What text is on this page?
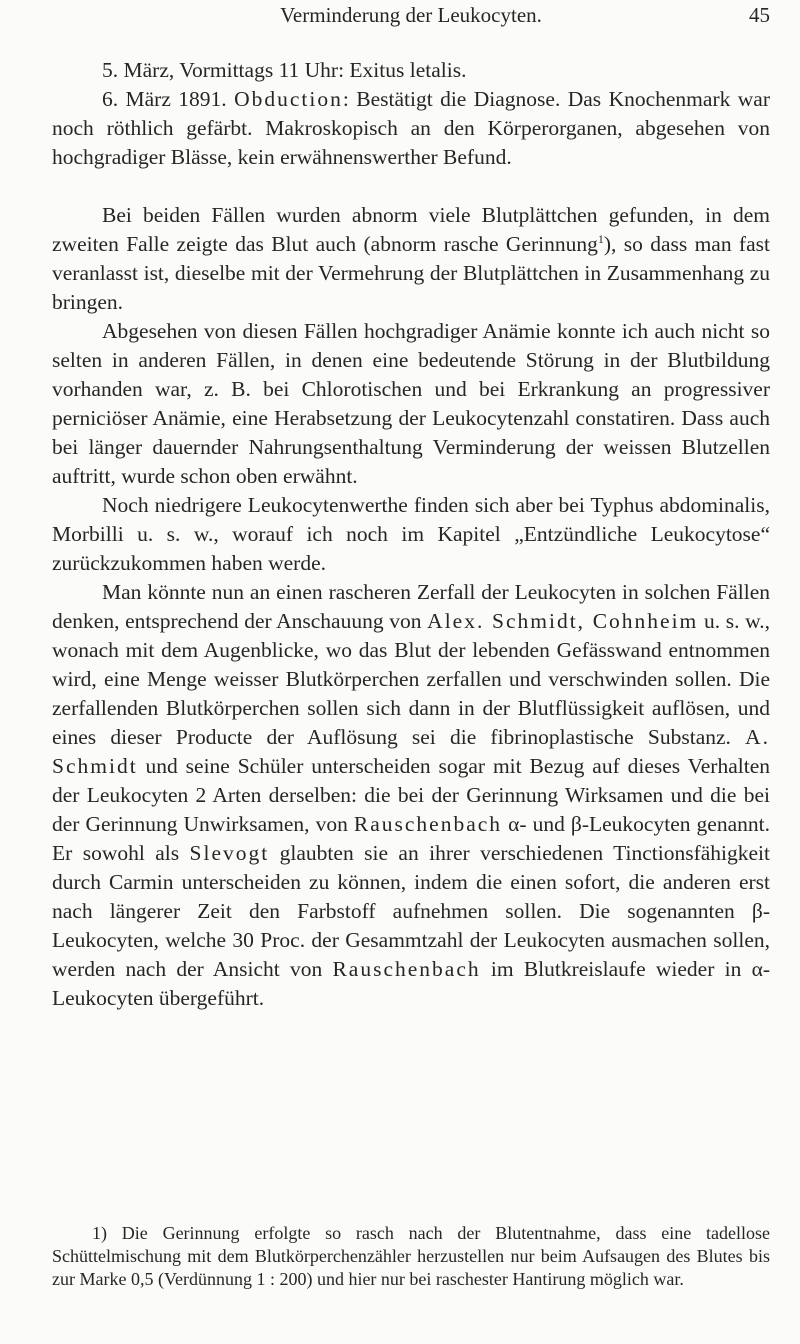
Verminderung der Leukocyten.	45

5. März, Vormittags 11 Uhr: Exitus letalis.

6. März 1891. Obduction: Bestätigt die Diagnose. Das Knochenmark war noch röthlich gefärbt. Makroskopisch an den Körperorganen, abgesehen von hochgradiger Blässe, kein erwähnenswerther Befund.

Bei beiden Fällen wurden abnorm viele Blutplättchen gefunden, in dem zweiten Falle zeigte das Blut auch (abnorm rasche Gerinnung$^1$), so dass man fast veranlasst ist, dieselbe mit der Vermehrung der Blutplättchen in Zusammenhang zu bringen.

Abgesehen von diesen Fällen hochgradiger Anämie konnte ich auch nicht so selten in anderen Fällen, in denen eine bedeutende Störung in der Blutbildung vorhanden war, z. B. bei Chlorotischen und bei Erkrankung an progressiver perniciöser Anämie, eine Herabsetzung der Leukocytenzahl constatiren. Dass auch bei länger dauernder Nahrungsenthaltung Verminderung der weissen Blutzellen auftritt, wurde schon oben erwähnt.

Noch niedrigere Leukocytenwerthe finden sich aber bei Typhus abdominalis, Morbilli u. s. w., worauf ich noch im Kapitel „Entzündliche Leukocytose“ zurückzukommen haben werde.

Man könnte nun an einen rascheren Zerfall der Leukocyten in solchen Fällen denken, entsprechend der Anschauung von Alex. Schmidt, Cohnheim u. s. w., wonach mit dem Augenblicke, wo das Blut der lebenden Gefässwand entnommen wird, eine Menge weisser Blutkörperchen zerfallen und verschwinden sollen. Die zerfallenden Blutkörperchen sollen sich dann in der Blutflüssigkeit auflösen, und eines dieser Producte der Auflösung sei die fibrinoplastische Substanz. A. Schmidt und seine Schüler unterscheiden sogar mit Bezug auf dieses Verhalten der Leukocyten 2 Arten derselben: die bei der Gerinnung Wirksamen und die bei der Gerinnung Unwirksamen, von Rauschenbach α- und β-Leukocyten genannt. Er sowohl als Slevogt glaubten sie an ihrer verschiedenen Tinctionsfähigkeit durch Carmin unterscheiden zu können, indem die einen sofort, die anderen erst nach längerer Zeit den Farbstoff aufnehmen sollen. Die sogenannten β-Leukocyten, welche 30 Proc. der Gesammtzahl der Leukocyten ausmachen sollen, werden nach der Ansicht von Rauschenbach im Blutkreislaufe wieder in α-Leukocyten übergeführt.

1) Die Gerinnung erfolgte so rasch nach der Blutentnahme, dass eine tadellose Schüttelmischung mit dem Blutkörperchenzähler herzustellen nur beim Aufsaugen des Blutes bis zur Marke 0,5 (Verdünnung 1 : 200) und hier nur bei raschester Hantirung möglich war.
